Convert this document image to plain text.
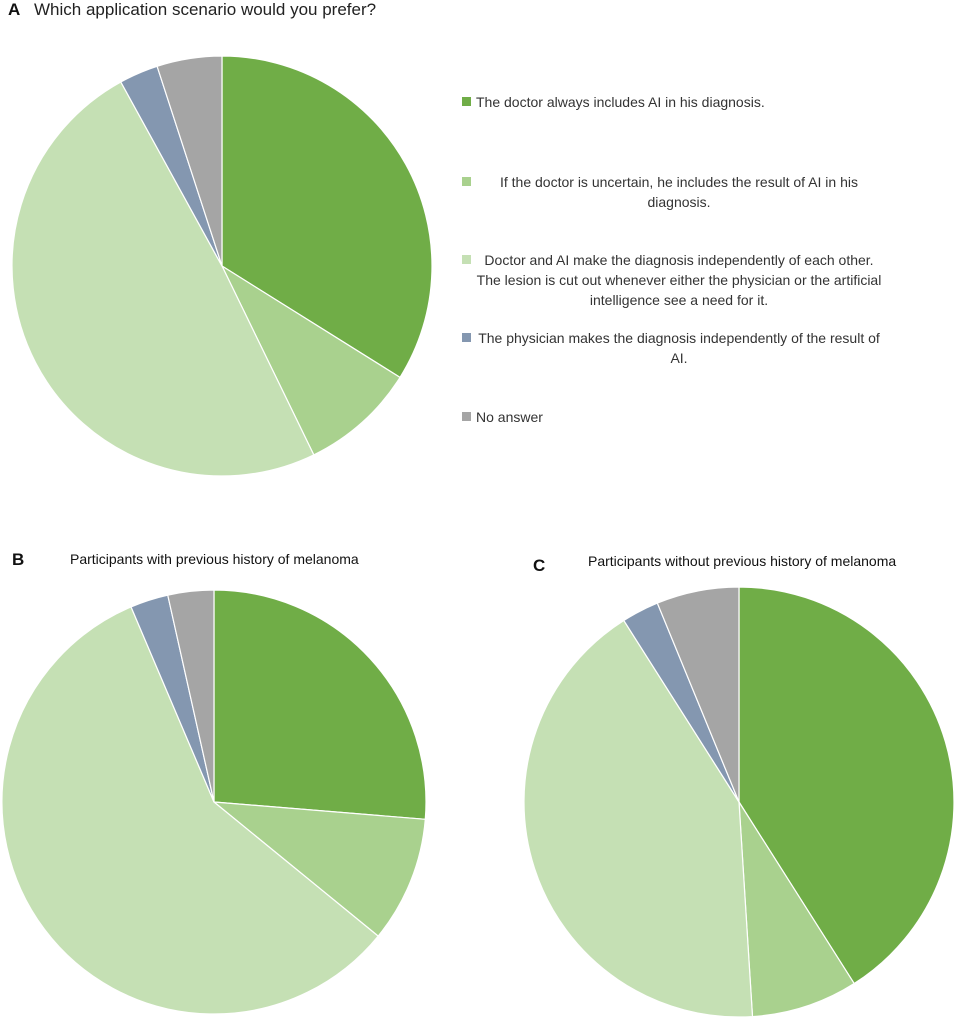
A Which application scenario would you prefer?
The doctor always includes AI in his diagnosis.
If the doctor is uncertain, he includes the result of AI in his diagnosis.
Doctor and AI make the diagnosis independently of each other. The lesion is cut out whenever either the physician or the artificial intelligence see a need for it.
The physician makes the diagnosis independently of the result of AI.
No answer
B	Participants with previous history of melanoma	C	Participants without previous history of melanoma
